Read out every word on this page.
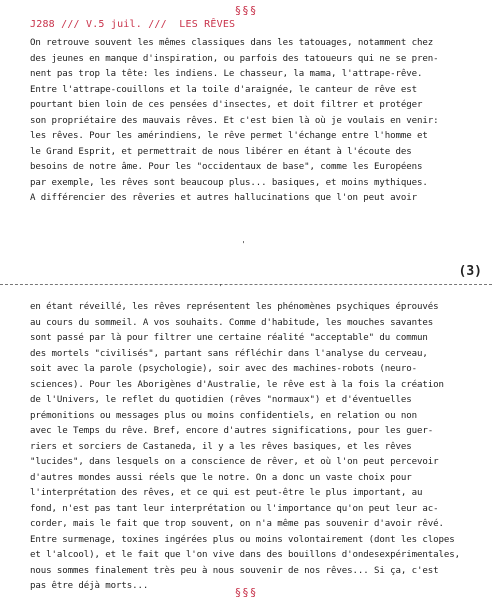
§§§
J288 /// V.5 juil. ///  LES RÊVES
On retrouve souvent les mêmes classiques dans les tatouages, notamment chez
des jeunes en manque d'inspiration, ou parfois des tatoueurs qui ne se pren-
nent pas trop la tête: les indiens. Le chasseur, la mama, l'attrape-rêve.
Entre l'attrape-couillons et la toile d'araignée, le canteur de rêve est
pourtant bien loin de ces pensées d'insectes, et doit filtrer et protéger
son propriétaire des mauvais rêves. Et c'est bien là où je voulais en venir:
les rêves. Pour les amérindiens, le rêve permet l'échange entre l'homme et
le Grand Esprit, et permettrait de nous libérer en étant à l'écoute des
besoins de notre âme. Pour les "occidentaux de base", comme les Européens
par exemple, les rêves sont beaucoup plus... basiques, et moins mythiques.
A différencier des rêveries et autres hallucinations que l'on peut avoir
'
(3)
'
en étant réveillé, les rêves représentent les phénomènes psychiques éprouvés
au cours du sommeil. A vos souhaits. Comme d'habitude, les mouches savantes
sont passé par là pour filtrer une certaine réalité "acceptable" du commun
des mortels "civilisés", partant sans réfléchir dans l'analyse du cerveau,
soit avec la parole (psychologie), soir avec des machines-robots (neuro-
sciences). Pour les Aborigènes d'Australie, le rêve est à la fois la création
de l'Univers, le reflet du quotidien (rêves "normaux") et d'éventuelles
prémonitions ou messages plus ou moins confidentiels, en relation ou non
avec le Temps du rêve. Bref, encore d'autres significations, pour les guer-
riers et sorciers de Castaneda, il y a les rêves basiques, et les rêves
"lucides", dans lesquels on a conscience de rêver, et où l'on peut percevoir
d'autres mondes aussi réels que le notre. On a donc un vaste choix pour
l'interprétation des rêves, et ce qui est peut-être le plus important, au
fond, n'est pas tant leur interprétation ou l'importance qu'on peut leur ac-
corder, mais le fait que trop souvent, on n'a même pas souvenir d'avoir rêvé.
Entre surmenage, toxines ingérées plus ou moins volontairement (dont les clopes
et l'alcool), et le fait que l'on vive dans des bouillons d'ondesexpérimentales,
nous sommes finalement très peu à nous souvenir de nos rêves... Si ça, c'est
pas être déjà morts...	§§§
